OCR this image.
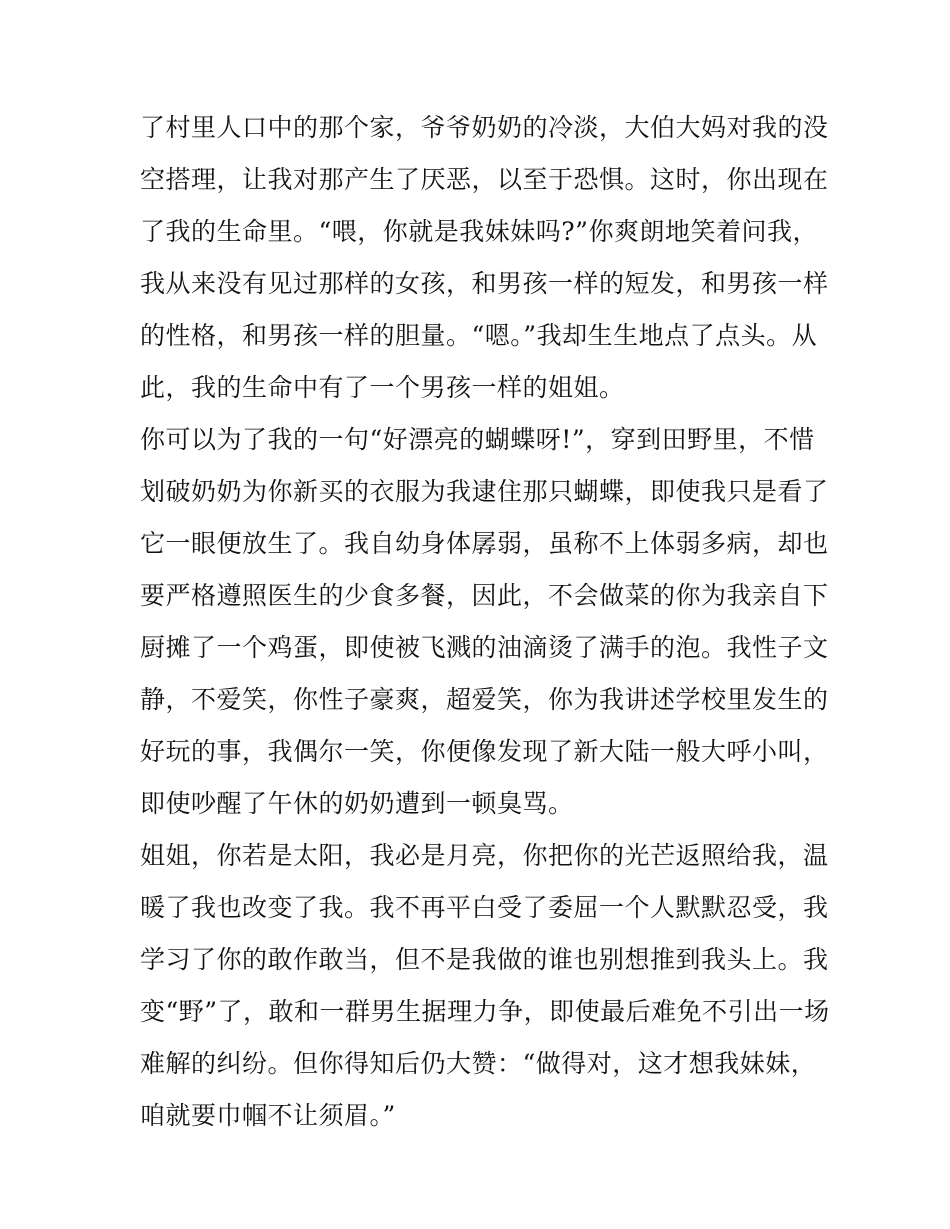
了村里人口中的那个家，爷爷奶奶的冷淡，大伯大妈对我的没
空搭理，让我对那产生了厌恶，以至于恐惧。这时，你出现在
了我的生命里。“喂，你就是我妹妹吗?”你爽朗地笑着问我，
我从来没有见过那样的女孩，和男孩一样的短发，和男孩一样
的性格，和男孩一样的胆量。“嗯。”我却生生地点了点头。从
此，我的生命中有了一个男孩一样的姐姐。
你可以为了我的一句“好漂亮的蝴蝶呀!”，穿到田野里，不惜
划破奶奶为你新买的衣服为我逮住那只蝴蝶，即使我只是看了
它一眼便放生了。我自幼身体孱弱，虽称不上体弱多病，却也
要严格遵照医生的少食多餐，因此，不会做菜的你为我亲自下
厨摊了一个鸡蛋，即使被飞溅的油滴烫了满手的泡。我性子文
静，不爱笑，你性子豪爽，超爱笑，你为我讲述学校里发生的
好玩的事，我偶尔一笑，你便像发现了新大陆一般大呼小叫，
即使吵醒了午休的奶奶遭到一顿臭骂。
姐姐，你若是太阳，我必是月亮，你把你的光芒返照给我，温
暖了我也改变了我。我不再平白受了委屈一个人默默忍受，我
学习了你的敢作敢当，但不是我做的谁也别想推到我头上。我
变“野”了，敢和一群男生据理力争，即使最后难免不引出一场
难解的纠纷。但你得知后仍大赞：“做得对，这才想我妹妹，
咱就要巾帼不让须眉。”
